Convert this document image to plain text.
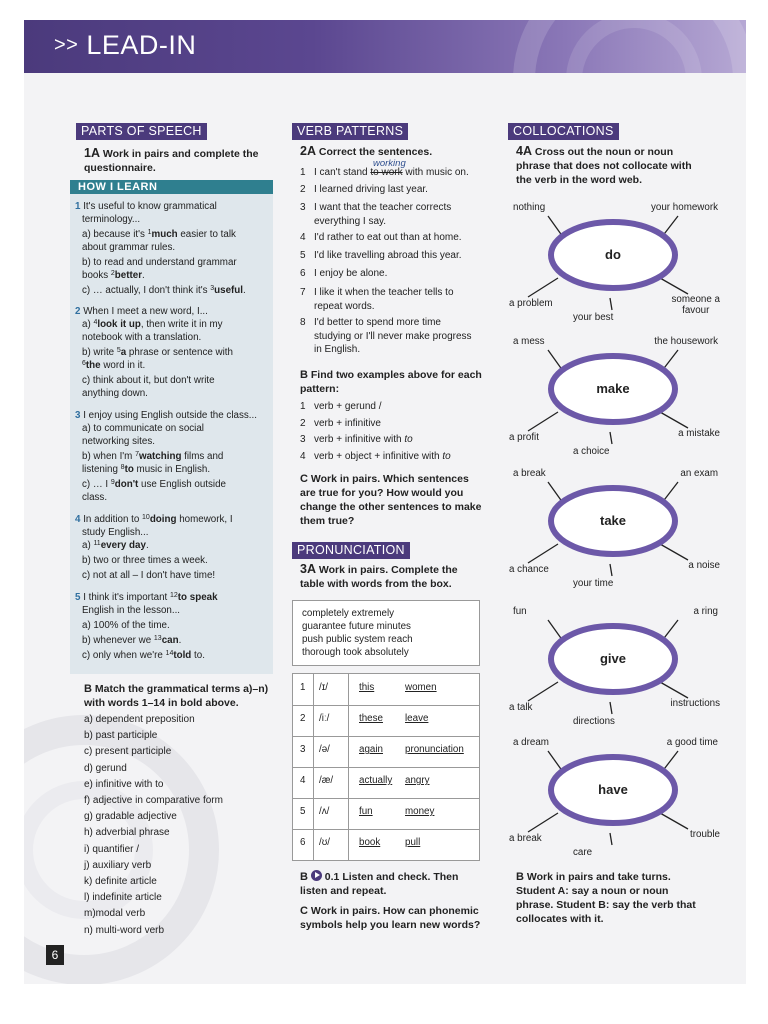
>> LEAD-IN
PARTS OF SPEECH
1A Work in pairs and complete the
questionnaire.
HOW I LEARN
1 It's useful to know grammatical
terminology...

a) because it's $^1$much easier to talk
about grammar rules.

b) to read and understand grammar
books $^2$better.

c) … actually, I don't think it's $^3$useful.
2 When I meet a new word, I...
a) $^4$look it up, then write it in my
notebook with a translation.

b) write $^5$a phrase or sentence with
$^6$the word in it.

c) think about it, but don't write
anything down.
3 I enjoy using English outside the class...
a) to communicate on social
networking sites.

b) when I'm $^7$watching films and
listening $^8$to music in English.

c) … I $^9$don't use English outside
class.
4 In addition to $^{10}$doing homework, I
study English...
a) $^{11}$every day.

b) two or three times a week.

c) not at all – I don't have time!
5 I think it's important $^{12}$to speak
English in the lesson...

a) 100% of the time.

b) whenever we $^{13}$can.

c) only when we're $^{14}$told to.
B Match the grammatical terms a)–n)
with words 1–14 in bold above.
a) dependent preposition
b) past participle
c) present participle
d) gerund
e) infinitive with to
f) adjective in comparative form
g) gradable adjective
h) adverbial phrase
i) quantifier /
j) auxiliary verb
k) definite article
l) indefinite article
m)modal verb
n) multi-word verb
VERB PATTERNS
2A Correct the sentences.
working
1 I can't stand to work with music on.
2 I learned driving last year.
3 I want that the teacher corrects
everything I say.
4 I'd rather to eat out than at home.
5 I'd like travelling abroad this year.
6 I enjoy be alone.
7 I like it when the teacher tells to
repeat words.
8 I'd better to spend more time
studying or I'll never make progress
in English.
B Find two examples above for each
pattern:
1 verb + gerund /
2 verb + infinitive
3 verb + infinitive with to
4 verb + object + infinitive with to
C Work in pairs. Which sentences
are true for you? How would you
change the other sentences to make
them true?
PRONUNCIATION
3A Work in pairs. Complete the
table with words from the box.
completely extremely
guarantee future minutes
push public system reach
thorough took absolutely
1 /ɪ/	this	women
2 /iː/	these leave
3 /ə/	again pronunciation
4 /æ/	actually angry
5 /ʌ/	fun	money
6 /ʊ/	book	pull
B 0.1 Listen and check. Then
listen and repeat.
C Work in pairs. How can phonemic
symbols help you learn new words?
COLLOCATIONS
4A Cross out the noun or noun
phrase that does not collocate with
the verb in the word web.
do
nothing	your homework
a problem
your best
someone a
favour
make
a mess	the housework
a profit
a choice
a mistake
take
a break	an exam
a chance
your time
a noise
give
fun	a ring
a talk
directions
instructions
have
a dream	a good time
a break
care
trouble
B Work in pairs and take turns.
Student A: say a noun or noun
phrase. Student B: say the verb that
collocates with it.
6
